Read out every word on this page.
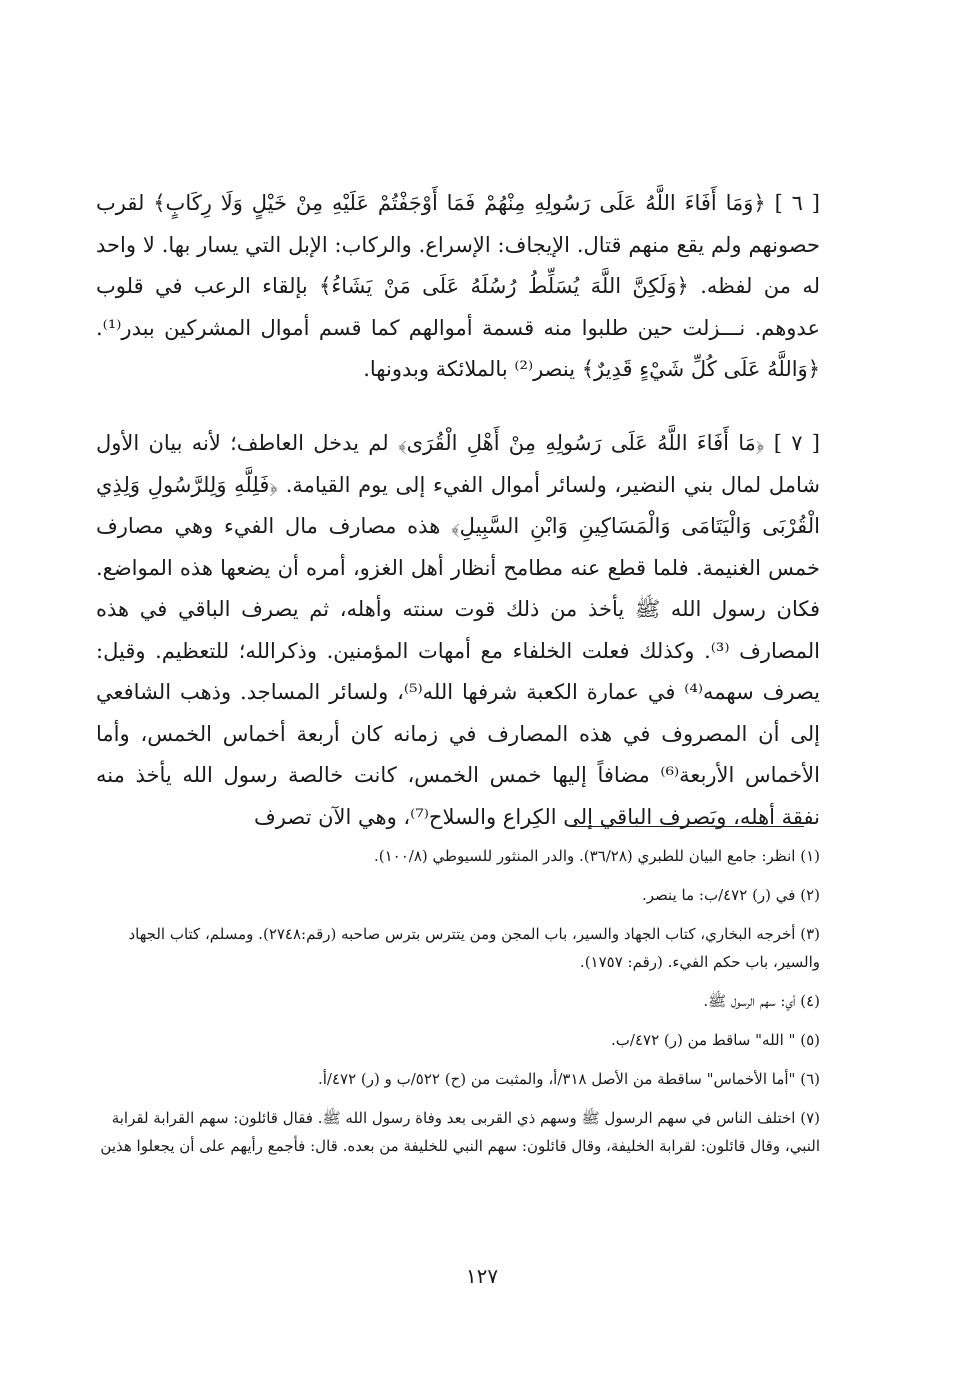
[ ٦ ] ﴿وَمَا أَفَاءَ اللَّهُ عَلَى رَسُولِهِ مِنْهُمْ فَمَا أَوْجَفْتُمْ عَلَيْهِ مِنْ خَيْلٍ وَلَا رِكَابٍ﴾ لقرب حصونهم ولم يقع منهم قتال. الإيجاف: الإسراع. والركاب: الإبل التي يسار بها. لا واحد له من لفظه. ﴿وَلَكِنَّ اللَّهَ يُسَلِّطُ رُسُلَهُ عَلَى مَنْ يَشَاءُ﴾ بإلقاء الرعب في قلوب عدوهم. نـــزلت حين طلبوا منه قسمة أموالهم كما قسم أموال المشركين ببدر⁽¹⁾. ﴿وَاللَّهُ عَلَى كُلِّ شَيْءٍ قَدِيرٌ﴾ ينصر⁽²⁾ بالملائكة وبدونها.

[ ٧ ] ﴿مَا أَفَاءَ اللَّهُ عَلَى رَسُولِهِ مِنْ أَهْلِ الْقُرَى﴾ لم يدخل العاطف؛ لأنه بيان الأول شامل لمال بني النضير، ولسائر أموال الفيء إلى يوم القيامة. ﴿فَلِلَّهِ وَلِلرَّسُولِ وَلِذِي الْقُرْبَى وَالْيَتَامَى وَالْمَسَاكِينِ وَابْنِ السَّبِيلِ﴾ هذه مصارف مال الفيء وهي مصارف خمس الغنيمة. فلما قطع عنه مطامح أنظار أهل الغزو، أمره أن يضعها هذه المواضع. فكان رسول الله ﷺ يأخذ من ذلك قوت سنته وأهله، ثم يصرف الباقي في هذه المصارف ⁽³⁾. وكذلك فعلت الخلفاء مع أمهات المؤمنين. وذكرالله؛ للتعظيم. وقيل: يصرف سهمه⁽⁴⁾ في عمارة الكعبة شرفها الله⁽⁵⁾، ولسائر المساجد. وذهب الشافعي إلى أن المصروف في هذه المصارف في زمانه كان أربعة أخماس الخمس، وأما الأخماس الأربعة⁽⁶⁾ مضافاً إليها خمس الخمس، كانت خالصة رسول الله يأخذ منه نفقة أهله، ويَصرف الباقي إلى الكِراع والسلاح⁽⁷⁾، وهي الآن تصرف

(١) انظر: جامع البيان للطبري (٣٦/٢٨). والدر المنثور للسيوطي (١٠٠/٨).

(٢) في (ر) ٤٧٢/ب: ما ينصر.

(٣) أخرجه البخاري، كتاب الجهاد والسير، باب المجن ومن يتترس بترس صاحبه (رقم:٢٧٤٨). ومسلم، كتاب الجهاد والسير، باب حكم الفيء. (رقم: ١٧٥٧).

(٤) أي: سهم الرسول ﷺ.

(٥) " الله" ساقط من (ر) ٤٧٢/ب.

(٦) "أما الأخماس" ساقطة من الأصل ٣١٨/أ، والمثبت من (ح) ٥٢٢/ب و (ر) ٤٧٢/أ.

(٧) اختلف الناس في سهم الرسول ﷺ وسهم ذي القربى بعد وفاة رسول الله ﷺ. فقال قائلون: سهم القرابة لقرابة النبي، وقال قائلون: لقرابة الخليفة، وقال قائلون: سهم النبي للخليفة من بعده. قال: فأجمع رأيهم على أن يجعلوا هذين

١٢٧
